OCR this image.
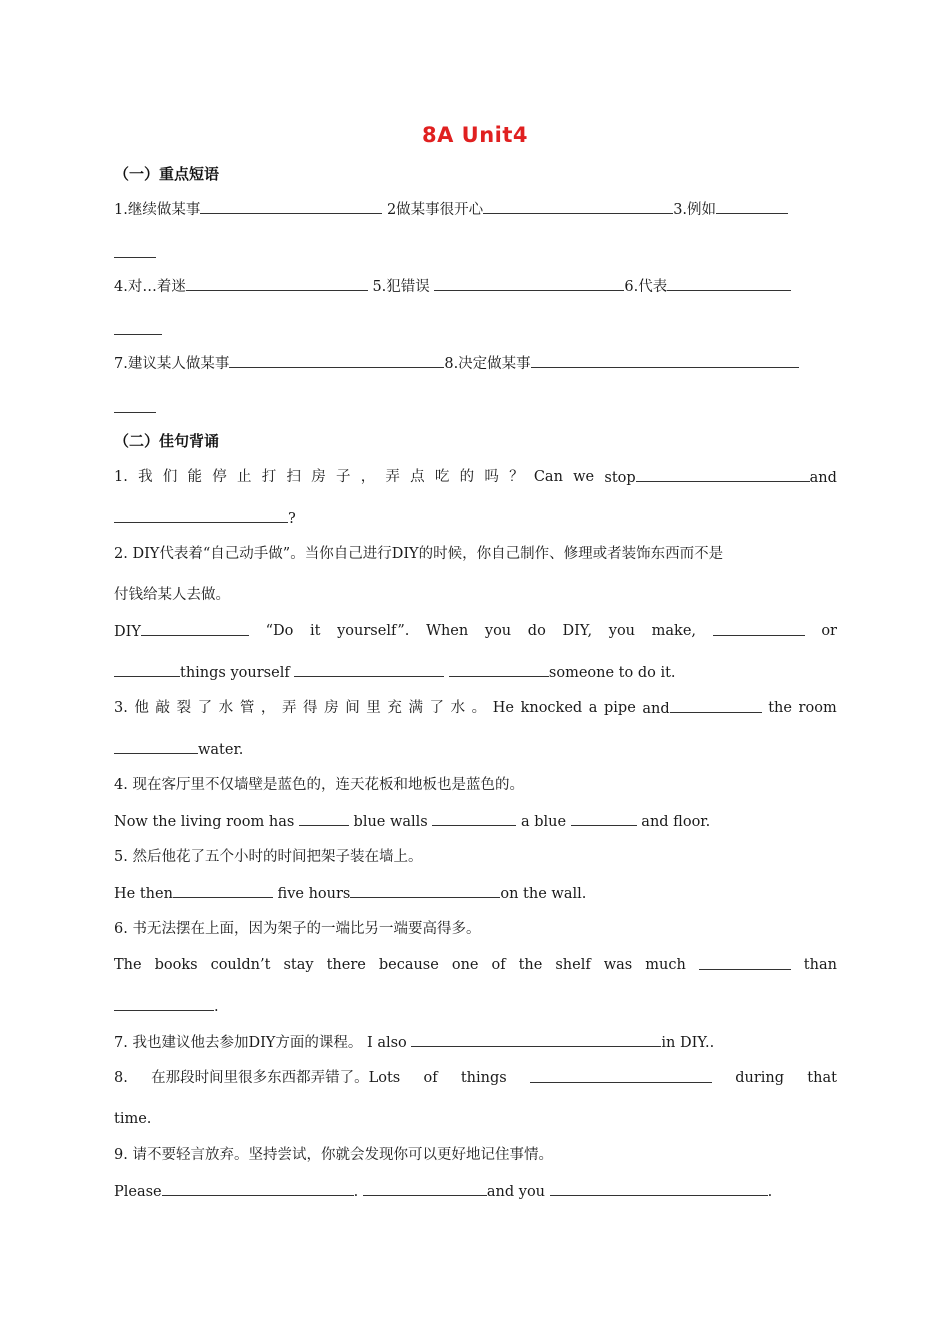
8A Unit4
（一）重点短语
1.继续做某事	2做某事很开心	3.例如
4.对…着迷	5.犯错误	6.代表
7.建议某人做某事	8.决定做某事
（二）佳句背诵
1. 我 们 能 停 止 打 扫 房 子 ， 弄 点 吃 的 吗 ？ Can we stop	and
?
2. DIY代表着“自己动手做”。当你自己进行DIY的时候，你自己制作、修理或者装饰东西而不是
付钱给某人去做。
DIY	“Do it yourself”. When you do DIY, you make,	or
things yourself	someone to do it.
3. 他 敲 裂 了 水 管 ， 弄 得 房 间 里 充 满 了 水 。 He knocked a pipe and	the room
water.
4. 现在客厅里不仅墙壁是蓝色的，连天花板和地板也是蓝色的。
Now the living room has	blue walls	a blue	and floor.
5. 然后他花了五个小时的时间把架子装在墙上。
He then	five hours	on the wall.
6. 书无法摆在上面，因为架子的一端比另一端要高得多。
The books couldn’t stay there because one of the shelf was much	than
.
7. 我也建议他去参加DIY方面的课程。 I also	in DIY..
8. 在那段时间里很多东西都弄错了。Lots of things	during that
time.
9. 请不要轻言放弃。坚持尝试，你就会发现你可以更好地记住事情。
Please	.	and you	.
